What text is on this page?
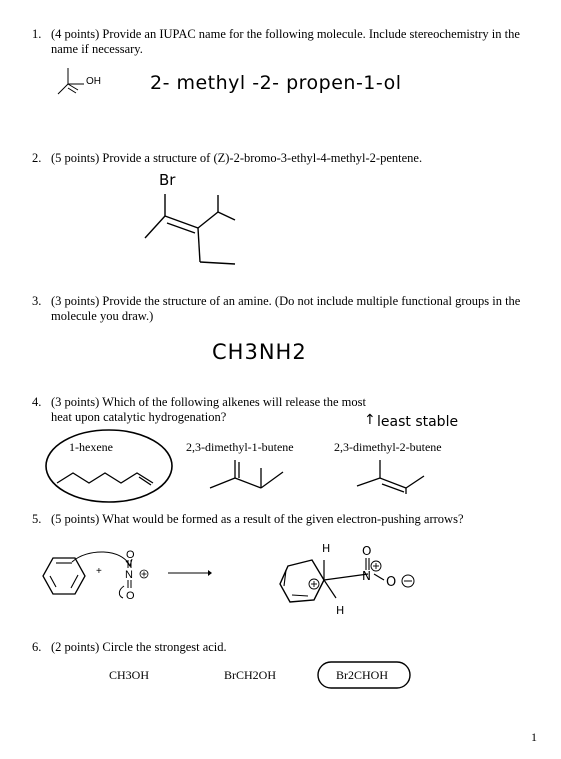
1. (4 points) Provide an IUPAC name for the following molecule. Include stereochemistry in the name if necessary.
OH	2- methyl -2- propen-1-ol
2. (5 points) Provide a structure of (Z)-2-bromo-3-ethyl-4-methyl-2-pentene.
Br
3. (3 points) Provide the structure of an amine. (Do not include multiple functional groups in the molecule you draw.)
CH3NH2
4. (3 points) Which of the following alkenes will release the most heat upon catalytic hydrogenation?	↑ least stable
1-hexene	2,3-dimethyl-1-butene	2,3-dimethyl-2-butene
5. (5 points) What would be formed as a result of the given electron-pushing arrows?
+
O
N
O
H	O
N O
H
6. (2 points) Circle the strongest acid.
CH3OH	BrCH2OH	Br2CHOH
1
